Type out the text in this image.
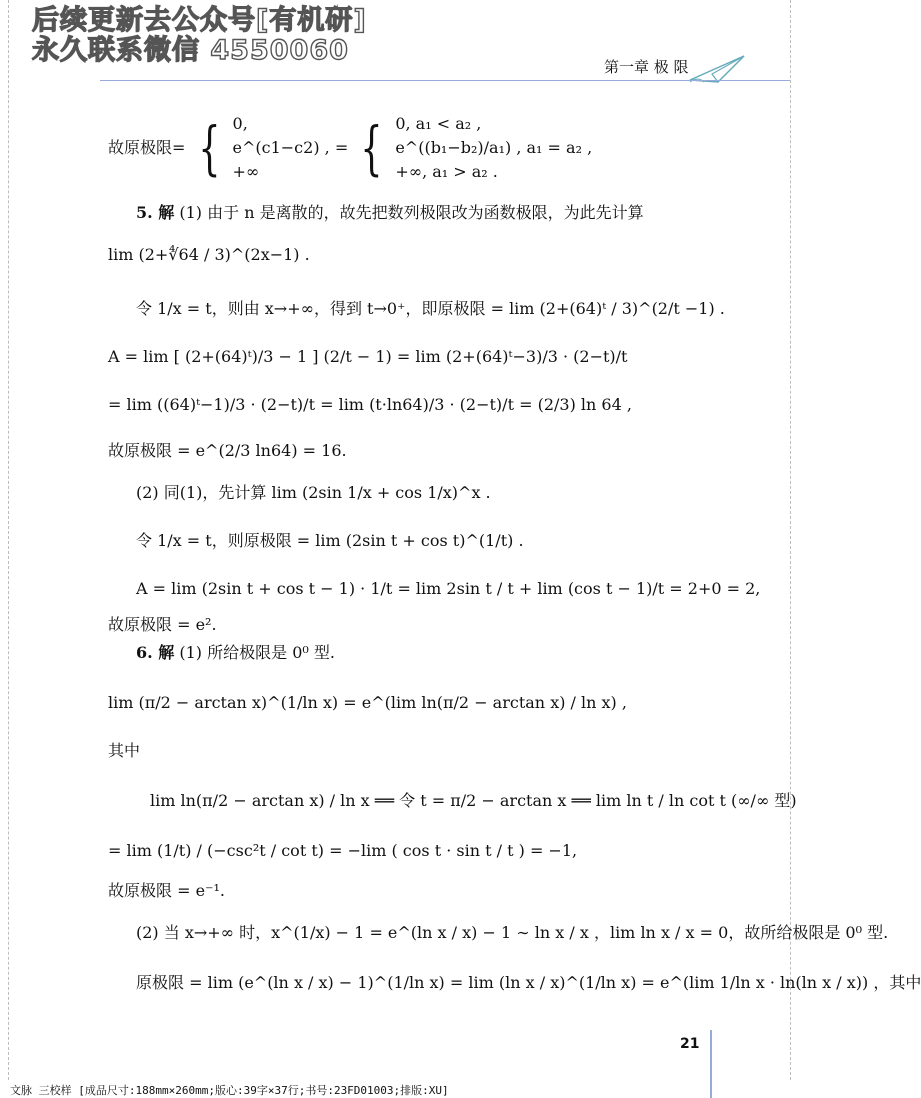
后续更新去公众号[有机研]
永久联系微信 4550060
第一章 极 限
故原极限= { 0,
e^(c1−c2) ,
+∞
= { 0, a₁ < a₂ ,
e^((b₁−b₂)/a₁) , a₁ = a₂ ,
+∞, a₁ > a₂ .
5. 解 (1) 由于 n 是离散的，故先把数列极限改为函数极限，为此先计算
lim (2+∜64 / 3)^(2x−1) .
令 1/x = t，则由 x→+∞，得到 t→0⁺，即原极限 = lim (2+(64)ᵗ / 3)^(2/t −1) .
A = lim [ (2+(64)ᵗ)/3 − 1 ] (2/t − 1) = lim (2+(64)ᵗ−3)/3 · (2−t)/t
= lim ((64)ᵗ−1)/3 · (2−t)/t = lim (t·ln64)/3 · (2−t)/t = (2/3) ln 64 ,
故原极限 = e^(2/3 ln64) = 16.
(2) 同(1)，先计算 lim (2sin 1/x + cos 1/x)^x .
令 1/x = t，则原极限 = lim (2sin t + cos t)^(1/t) .
A = lim (2sin t + cos t − 1) · 1/t = lim 2sin t / t + lim (cos t − 1)/t = 2+0 = 2,
故原极限 = e².
6. 解 (1) 所给极限是 0⁰ 型.
lim (π/2 − arctan x)^(1/ln x) = e^(lim ln(π/2 − arctan x) / ln x) ,
其中
lim ln(π/2 − arctan x) / ln x ══ 令 t = π/2 − arctan x ══ lim ln t / ln cot t (∞/∞ 型)
= lim (1/t) / (−csc²t / cot t) = −lim ( cos t · sin t / t ) = −1,
故原极限 = e⁻¹.
(2) 当 x→+∞ 时，x^(1/x) − 1 = e^(ln x / x) − 1 ∼ ln x / x ，lim ln x / x = 0，故所给极限是 0⁰ 型.
原极限 = lim (e^(ln x / x) − 1)^(1/ln x) = lim (ln x / x)^(1/ln x) = e^(lim 1/ln x · ln(ln x / x)) ，其中
21
文脉 三校样 [成品尺寸:188mm×260mm;版心:39字×37行;书号:23FD01003;排版:XU]
